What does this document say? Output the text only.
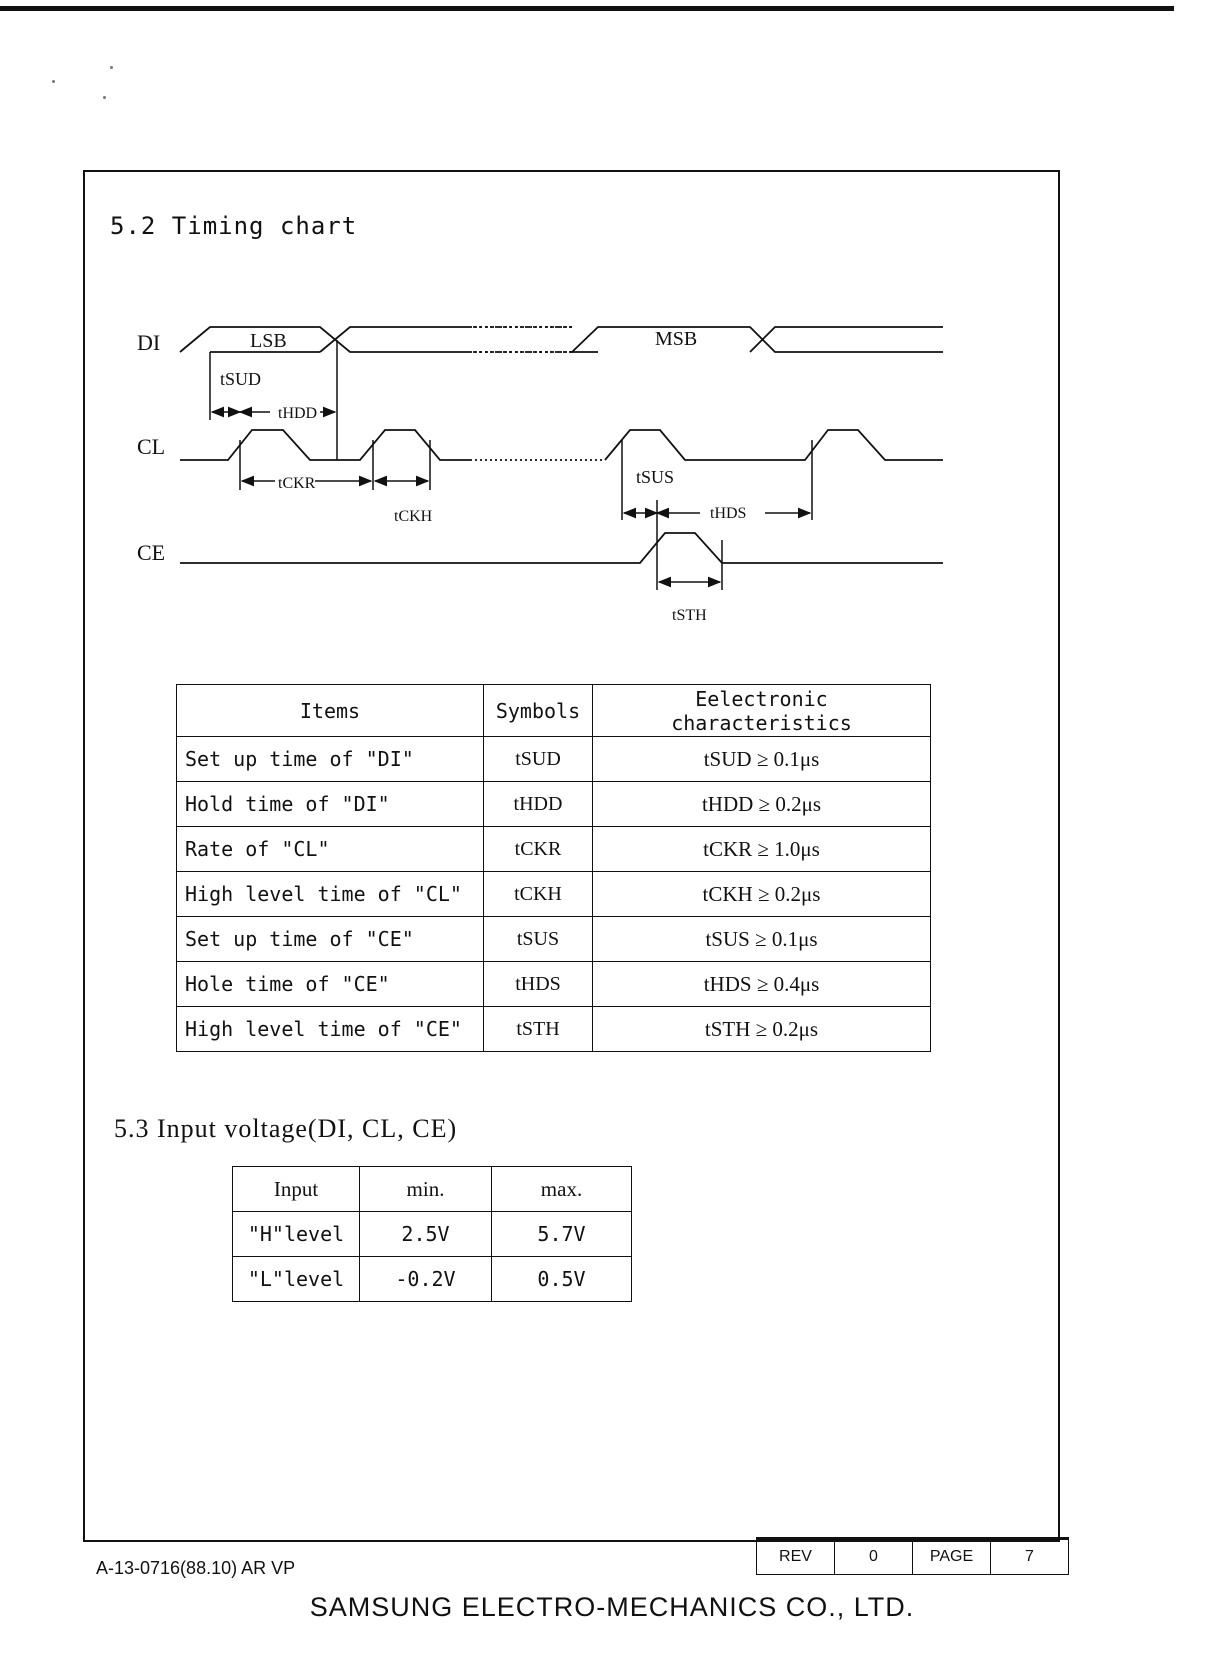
5.2 Timing chart
DI
CL
CE
LSB	MSB
tSUD
tHDD
tCKR
tCKH
tSUS
tHDS
tSTH
Items	Symbols	Eelectronic characteristics
Set up time of "DI"	tSUD	tSUD ≥ 0.1μs
Hold time of "DI"	tHDD	tHDD ≥ 0.2μs
Rate of "CL"	tCKR	tCKR ≥ 1.0μs
High level time of "CL"	tCKH	tCKH ≥ 0.2μs
Set up time of "CE"	tSUS	tSUS ≥ 0.1μs
Hole time of "CE"	tHDS	tHDS ≥ 0.4μs
High level time of "CE"	tSTH	tSTH ≥ 0.2μs
5.3 Input voltage(DI, CL, CE)
Input	min.	max.
"H"level	2.5V	5.7V
"L"level	-0.2V	0.5V
A-13-0716(88.10) AR VP
REV	0	PAGE	7
SAMSUNG ELECTRO-MECHANICS CO., LTD.
